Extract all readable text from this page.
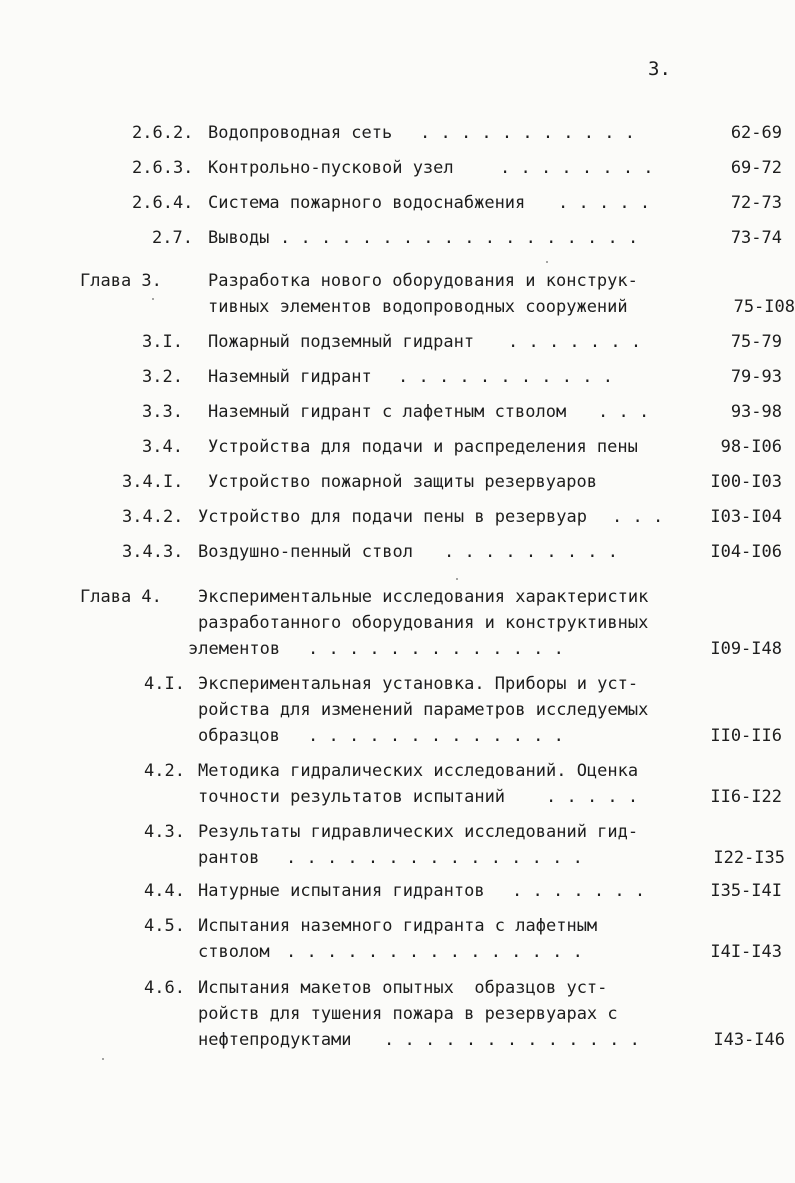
3.
2.6.2. Водопроводная сеть . . . . . . . . . . .	62-69
2.6.3. Контрольно-пусковой узел	. . . . . . . .	69-72
2.6.4. Система пожарного водоснабжения . . . . .	72-73
2.7. Выводы . . . . . . . . . . . . . . . . . .	73-74
Глава 3.	Разработка нового оборудования и конструк-
тивных элементов водопроводных сооружений	75-I08
3.I. Пожарный подземный гидрант . . . . . . .	75-79
3.2. Наземный гидрант . . . . . . . . . . .	79-93
3.3. Наземный гидрант с лафетным стволом . . .	93-98
3.4. Устройства для подачи и распределения пены	98-I06
3.4.I. Устройство пожарной защиты резервуаров	I00-I03
3.4.2. Устройство для подачи пены в резервуар . . .	I03-I04
3.4.3. Воздушно-пенный ствол . . . . . . . . .	I04-I06
Глава 4. Экспериментальные исследования характеристик
разработанного оборудования и конструктивных
элементов . . . . . . . . . . . . .	I09-I48
4.I. Экспериментальная установка. Приборы и уст-
ройства для изменений параметров исследуемых
образцов . . . . . . . . . . . . .	II0-II6
4.2. Методика гидралических исследований. Оценка
точности результатов испытаний . . . . .	II6-I22
4.3. Результаты гидравлических исследований гид-
рантов . . . . . . . . . . . . . . .	I22-I35
4.4. Натурные испытания гидрантов . . . . . . .	I35-I4I
4.5. Испытания наземного гидранта с лафетным
стволом . . . . . . . . . . . . . . .	I4I-I43
4.6. Испытания макетов опытных  образцов уст-
ройств для тушения пожара в резервуарах с
нефтепродуктами . . . . . . . . . . . . .	I43-I46
